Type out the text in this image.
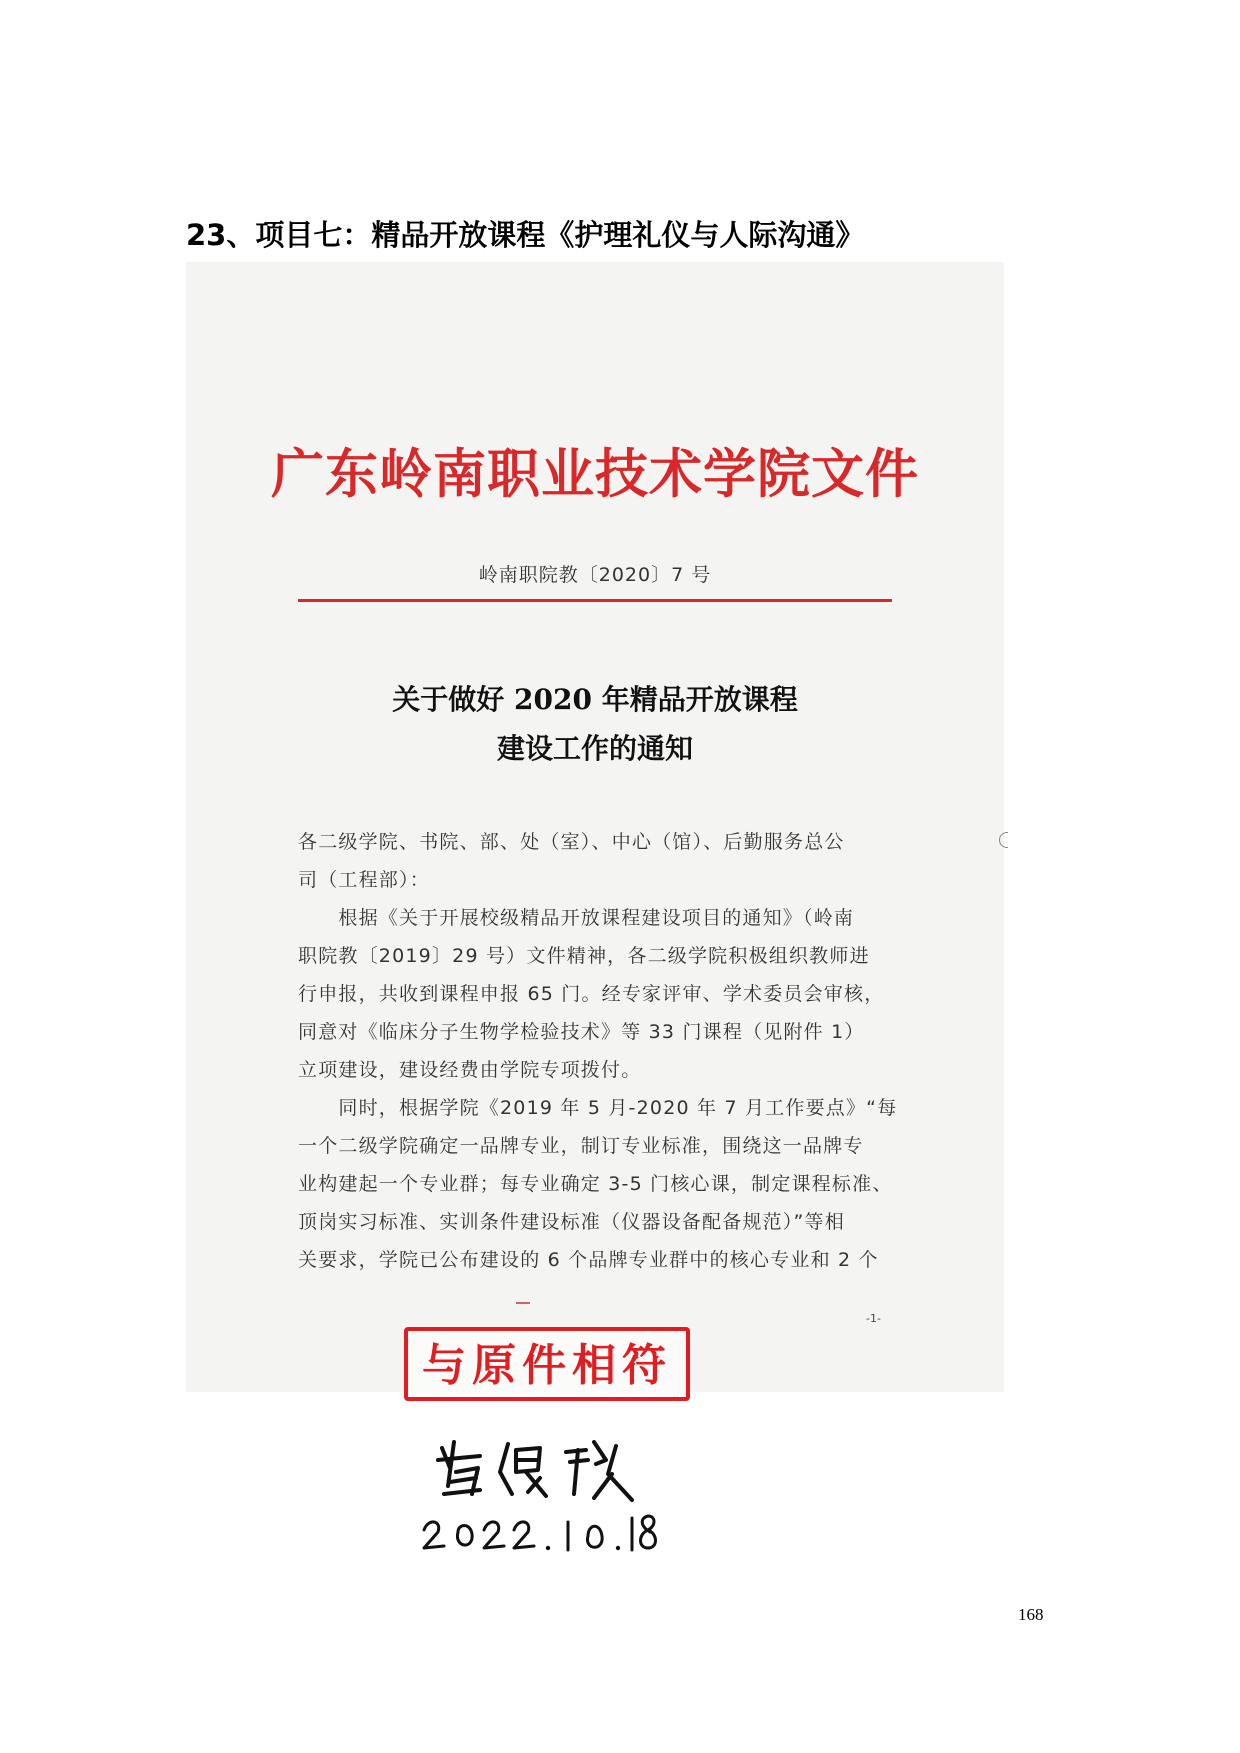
23、项目七：精品开放课程《护理礼仪与人际沟通》
广东岭南职业技术学院文件
岭南职院教〔2020〕7 号
关于做好 2020 年精品开放课程
建设工作的通知
各二级学院、书院、部、处（室）、中心（馆）、后勤服务总公
司（工程部）：
　　根据《关于开展校级精品开放课程建设项目的通知》（岭南
职院教〔2019〕29 号）文件精神，各二级学院积极组织教师进
行申报，共收到课程申报 65 门。经专家评审、学术委员会审核，
同意对《临床分子生物学检验技术》等 33 门课程（见附件 1）
立项建设，建设经费由学院专项拨付。
　　同时，根据学院《2019 年 5 月-2020 年 7 月工作要点》“每
一个二级学院确定一品牌专业，制订专业标准，围绕这一品牌专
业构建起一个专业群；每专业确定 3-5 门核心课，制定课程标准、
顶岗实习标准、实训条件建设标准（仪器设备配备规范）”等相
关要求，学院已公布建设的 6 个品牌专业群中的核心专业和 2 个
-1-
与原件相符
168
